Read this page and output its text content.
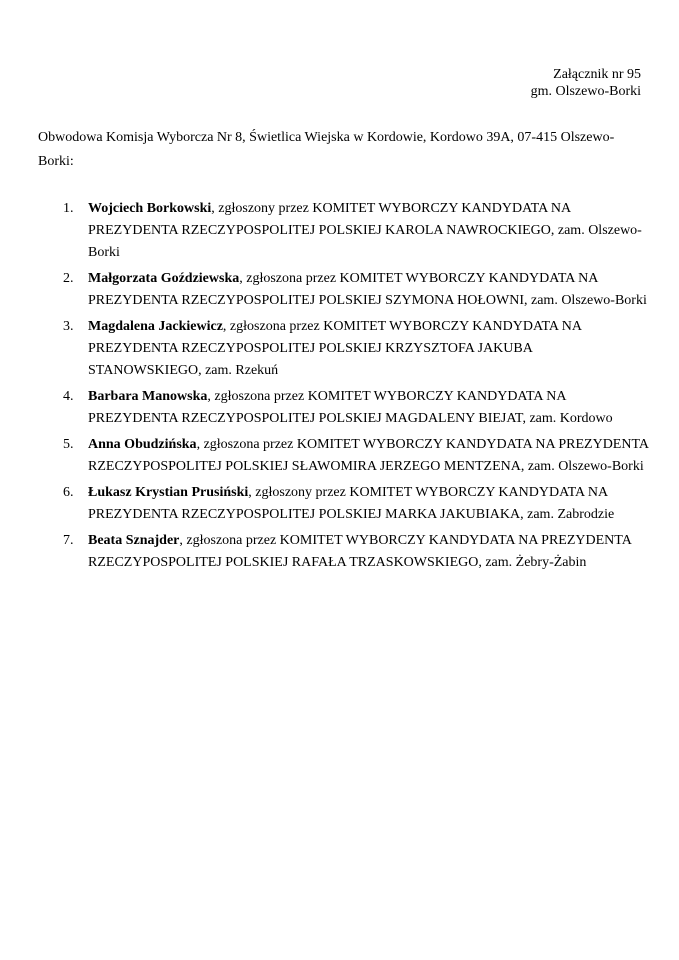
Załącznik nr 95
gm. Olszewo-Borki

Obwodowa Komisja Wyborcza Nr 8, Świetlica Wiejska w Kordowie, Kordowo 39A, 07-415 Olszewo-Borki:

1.	Wojciech Borkowski, zgłoszony przez KOMITET WYBORCZY KANDYDATA NA PREZYDENTA RZECZYPOSPOLITEJ POLSKIEJ KAROLA NAWROCKIEGO, zam. Olszewo-Borki
2.	Małgorzata Goździewska, zgłoszona przez KOMITET WYBORCZY KANDYDATA NA PREZYDENTA RZECZYPOSPOLITEJ POLSKIEJ SZYMONA HOŁOWNI, zam. Olszewo-Borki
3.	Magdalena Jackiewicz, zgłoszona przez KOMITET WYBORCZY KANDYDATA NA PREZYDENTA RZECZYPOSPOLITEJ POLSKIEJ KRZYSZTOFA JAKUBA STANOWSKIEGO, zam. Rzekuń
4.	Barbara Manowska, zgłoszona przez KOMITET WYBORCZY KANDYDATA NA PREZYDENTA RZECZYPOSPOLITEJ POLSKIEJ MAGDALENY BIEJAT, zam. Kordowo
5.	Anna Obudzińska, zgłoszona przez KOMITET WYBORCZY KANDYDATA NA PREZYDENTA RZECZYPOSPOLITEJ POLSKIEJ SŁAWOMIRA JERZEGO MENTZENA, zam. Olszewo-Borki
6.	Łukasz Krystian Prusiński, zgłoszony przez KOMITET WYBORCZY KANDYDATA NA PREZYDENTA RZECZYPOSPOLITEJ POLSKIEJ MARKA JAKUBIAKA, zam. Zabrodzie
7.	Beata Sznajder, zgłoszona przez KOMITET WYBORCZY KANDYDATA NA PREZYDENTA RZECZYPOSPOLITEJ POLSKIEJ RAFAŁA TRZASKOWSKIEGO, zam. Żebry-Żabin
